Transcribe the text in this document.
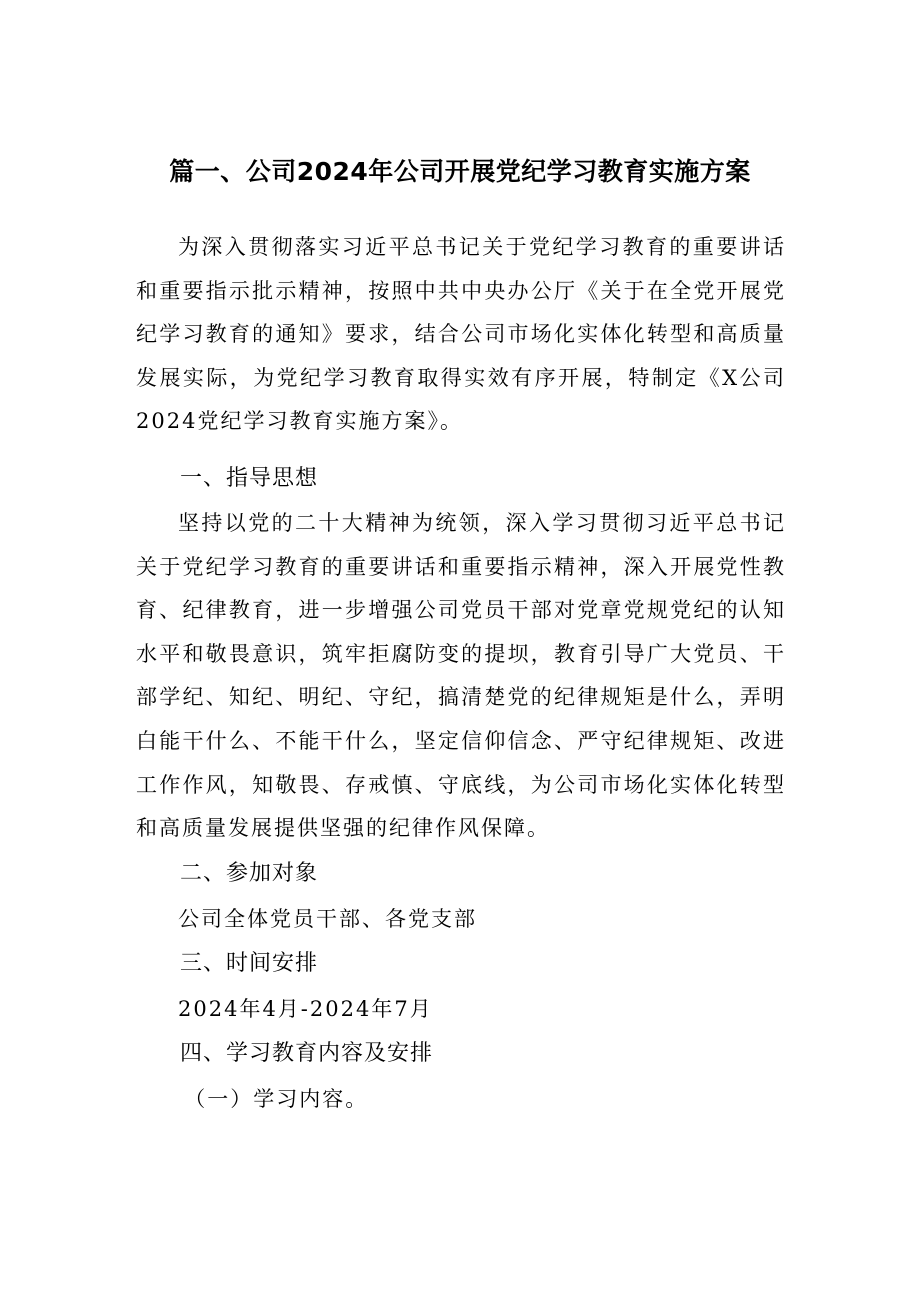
篇一、公司2024年公司开展党纪学习教育实施方案

为深入贯彻落实习近平总书记关于党纪学习教育的重要讲话和重要指示批示精神，按照中共中央办公厅《关于在全党开展党纪学习教育的通知》要求，结合公司市场化实体化转型和高质量发展实际，为党纪学习教育取得实效有序开展，特制定《X公司2024党纪学习教育实施方案》。

一、指导思想

坚持以党的二十大精神为统领，深入学习贯彻习近平总书记关于党纪学习教育的重要讲话和重要指示精神，深入开展党性教育、纪律教育，进一步增强公司党员干部对党章党规党纪的认知水平和敬畏意识，筑牢拒腐防变的提坝，教育引导广大党员、干部学纪、知纪、明纪、守纪，搞清楚党的纪律规矩是什么，弄明白能干什么、不能干什么，坚定信仰信念、严守纪律规矩、改进工作作风，知敬畏、存戒慎、守底线，为公司市场化实体化转型和高质量发展提供坚强的纪律作风保障。

二、参加对象

公司全体党员干部、各党支部

三、时间安排

2024年4月-2024年7月

四、学习教育内容及安排

（一）学习内容。
